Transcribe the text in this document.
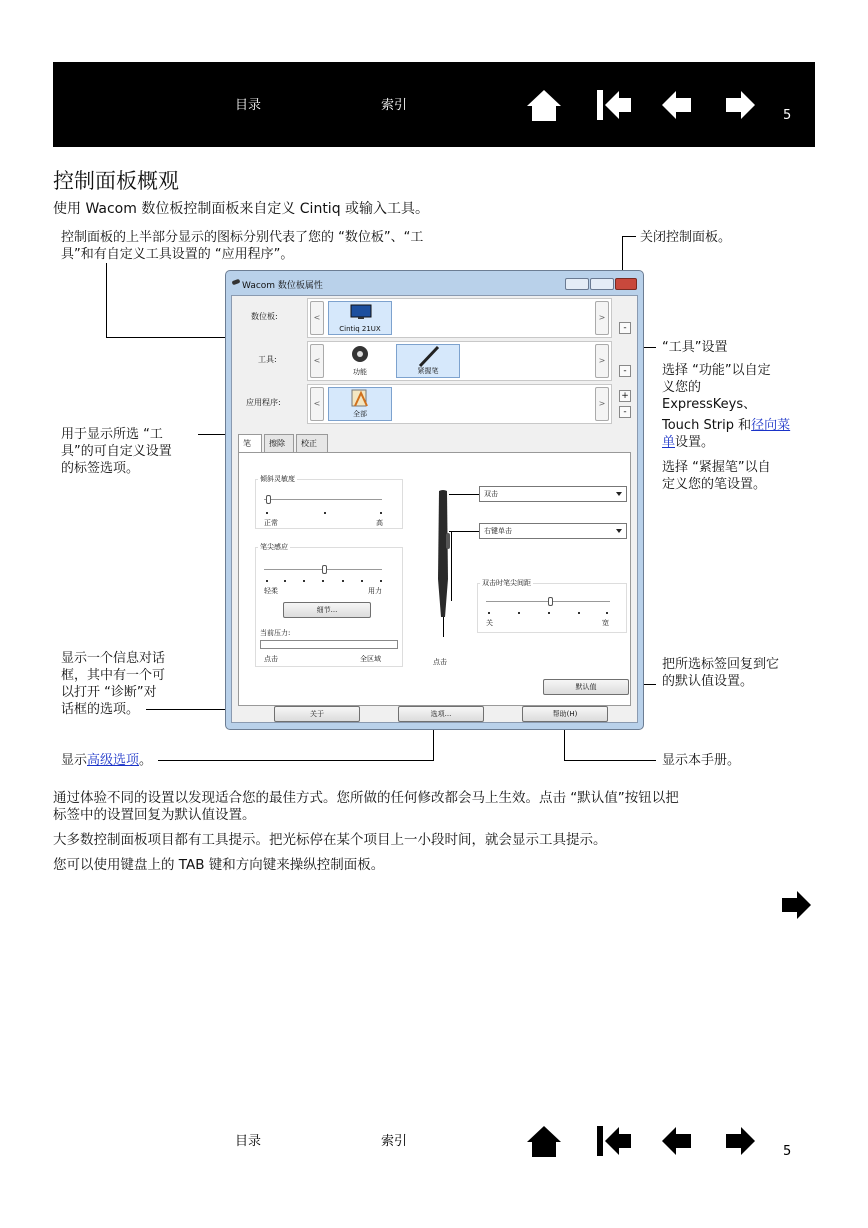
目录	索引
5
控制面板概观
使用 Wacom 数位板控制面板来自定义 Cintiq 或输入工具。
控制面板的上半部分显示的图标分别代表了您的 “数位板”、“工
具”和有自定义工具设置的 “应用程序”。
关闭控制面板。
“工具”设置
选择 “功能”以自定
义您的
ExpressKeys、
Touch Strip 和径向菜
单设置。
选择 “紧握笔”以自
定义您的笔设置。
用于显示所选 “工
具”的可自定义设置
的标签选项。
显示一个信息对话
框，其中有一个可
以打开 “诊断”对
话框的选项。
把所选标签回复到它
的默认值设置。
显示高级选项。	显示本手册。
Wacom 数位板属性
数位板:	<
Cintiq 21UX
>
-
工具:	<
功能	紧握笔
>
-
应用程序:	<
全部
>
+
-
笔	擦除	校正
倾斜灵敏度
正常	高
笔尖感应
轻柔	用力
细节...
当前压力:
点击	全区域	点击
双击
右键单击
双击时笔尖间距
关	宽
默认值
关于	选项...	帮助(H)
通过体验不同的设置以发现适合您的最佳方式。您所做的任何修改都会马上生效。点击 “默认值”按钮以把
标签中的设置回复为默认值设置。
大多数控制面板项目都有工具提示。把光标停在某个项目上一小段时间，就会显示工具提示。
您可以使用键盘上的 TAB 键和方向键来操纵控制面板。
目录	索引
5
